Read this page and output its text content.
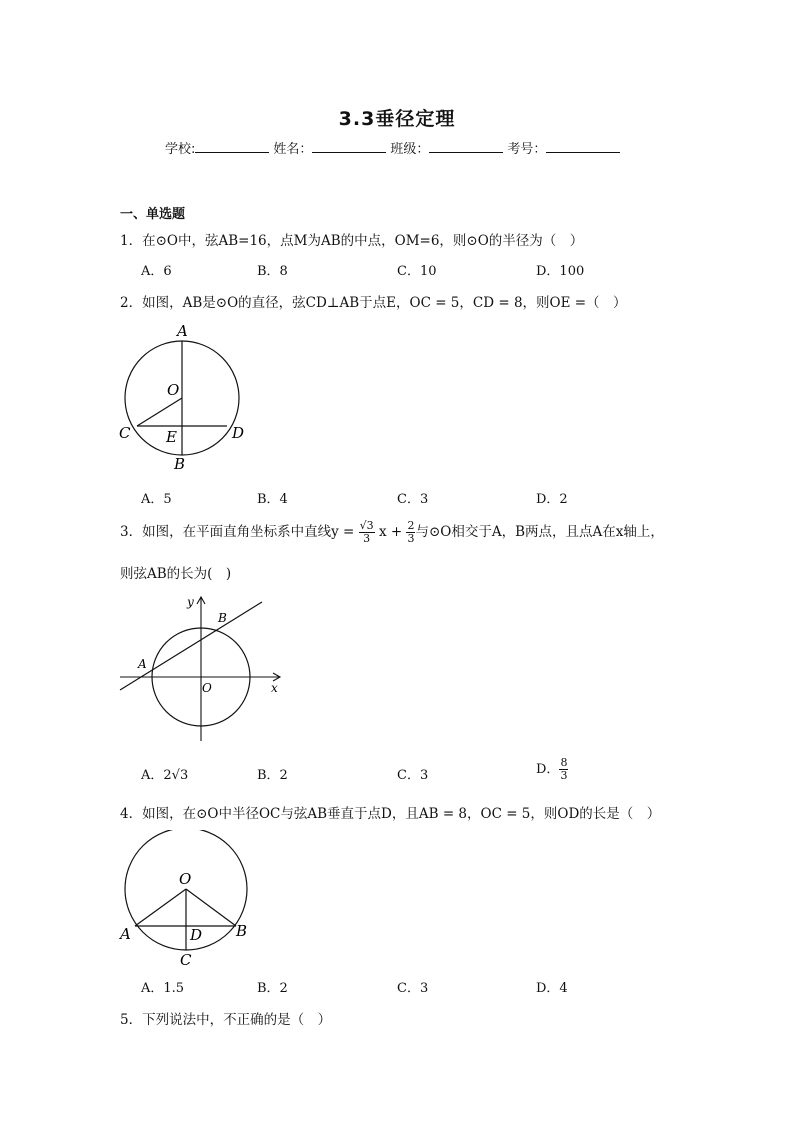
3.3垂径定理
学校:	姓名：	班级：	考号：
一、单选题
1．在⊙O中，弦AB=16，点M为AB的中点，OM=6，则⊙O的半径为（　）
A．6	B．8	C．10	D．100
2．如图，AB是⊙O的直径，弦CD⊥AB于点E，OC = 5，CD = 8，则OE =（　）
A
O
C E	D
B
A．5	B．4	C．3	D．2
3．如图，在平面直角坐标系中直线$y = \frac{√3}{3}$ $x + \frac{2}{3}$ 与⊙O相交于A，B两点，且点A在x轴上，
则弦AB的长为(　)
y
B
A
O	x
A．2√3	B．2	C．3	D． $\frac{8}{3}$
4．如图，在⊙O中半径OC与弦AB垂直于点D，且AB = 8，OC = 5，则OD的长是（　）
O
A	D B
C
A．1.5	B．2	C．3	D．4
5．下列说法中，不正确的是（　）
